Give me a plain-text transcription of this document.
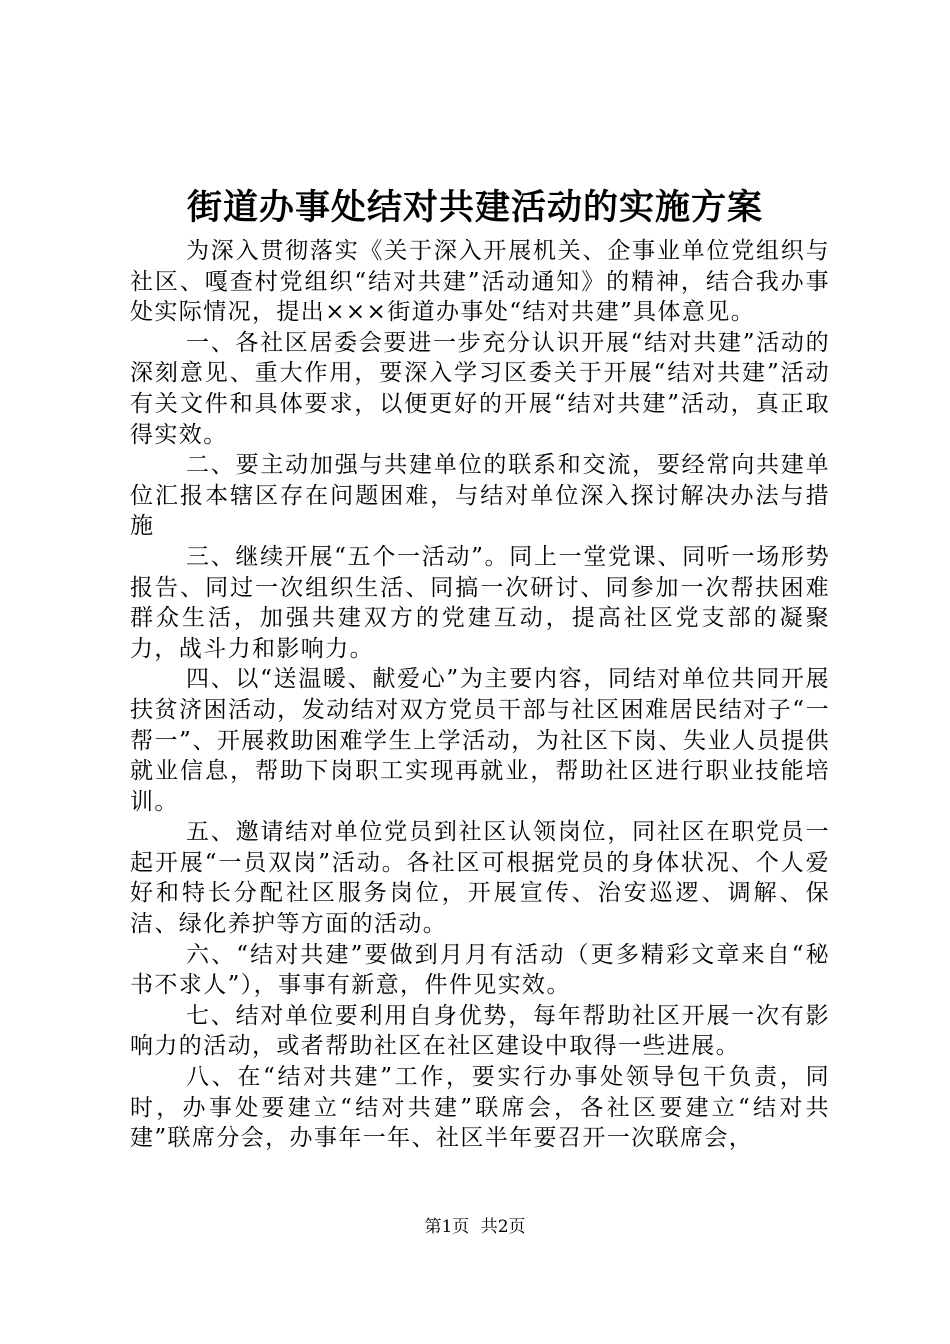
街道办事处结对共建活动的实施方案

为深入贯彻落实《关于深入开展机关、企事业单位党组织与社区、嘎查村党组织“结对共建”活动通知》的精神，结合我办事处实际情况，提出×××街道办事处“结对共建”具体意见。

一、各社区居委会要进一步充分认识开展“结对共建”活动的深刻意见、重大作用，要深入学习区委关于开展“结对共建”活动有关文件和具体要求，以便更好的开展“结对共建”活动，真正取得实效。

二、要主动加强与共建单位的联系和交流，要经常向共建单位汇报本辖区存在问题困难，与结对单位深入探讨解决办法与措施

三、继续开展“五个一活动”。同上一堂党课、同听一场形势报告、同过一次组织生活、同搞一次研讨、同参加一次帮扶困难群众生活，加强共建双方的党建互动，提高社区党支部的凝聚力，战斗力和影响力。

四、以“送温暖、献爱心”为主要内容，同结对单位共同开展扶贫济困活动，发动结对双方党员干部与社区困难居民结对子“一帮一”、开展救助困难学生上学活动，为社区下岗、失业人员提供就业信息，帮助下岗职工实现再就业，帮助社区进行职业技能培训。

五、邀请结对单位党员到社区认领岗位，同社区在职党员一起开展“一员双岗”活动。各社区可根据党员的身体状况、个人爱好和特长分配社区服务岗位，开展宣传、治安巡逻、调解、保洁、绿化养护等方面的活动。

六、“结对共建”要做到月月有活动（更多精彩文章来自“秘书不求人”），事事有新意，件件见实效。

七、结对单位要利用自身优势，每年帮助社区开展一次有影响力的活动，或者帮助社区在社区建设中取得一些进展。

八、在“结对共建”工作，要实行办事处领导包干负责，同时，办事处要建立“结对共建”联席会，各社区要建立“结对共建”联席分会，办事年一年、社区半年要召开一次联席会，

第1页 共2页
